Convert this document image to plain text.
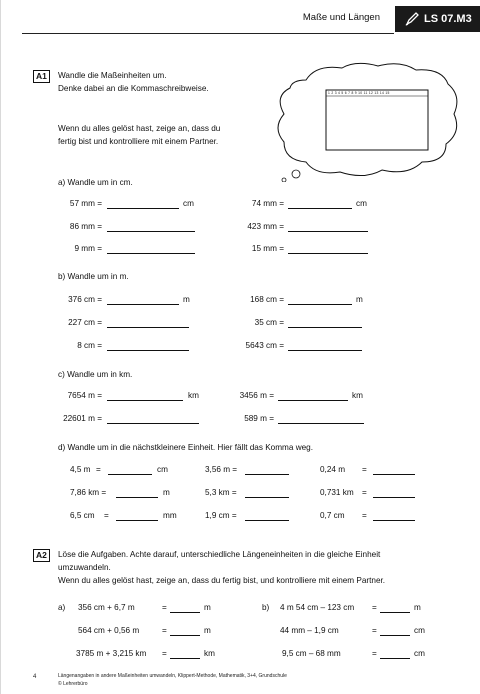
Maße und Längen	LS 07.M3
A1	Wandle die Maßeinheiten um.
Denke dabei an die Kommaschreibweise.
Wenn du alles gelöst hast, zeige an, dass du
fertig bist und kontrolliere mit einem Partner.
1 2 3 4 5 6 7 8 9 10 11 12 13 14 15
a) Wandle um in cm.
57 mm =	cm	74 mm =	cm
86 mm =	423 mm =
9 mm =	15 mm =
b) Wandle um in m.
376 cm =	m	168 cm =	m
227 cm =	35 cm =
8 cm =	5643 cm =
c) Wandle um in km.
7654 m =	km	3456 m =	km
22601 m =	589 m =
d) Wandle um in die nächstkleinere Einheit. Hier fällt das Komma weg.
4,5 m =	cm	3,56 m =	0,24 m =
7,86 km =	m	5,3 km =	0,731 km =
6,5 cm =	mm	1,9 cm =	0,7 cm =
A2	Löse die Aufgaben. Achte darauf, unterschiedliche Längeneinheiten in die gleiche Einheit
umzuwandeln.
Wenn du alles gelöst hast, zeige an, dass du fertig bist, und kontrolliere mit einem Partner.
a)	b)
356 cm + 6,7 m	=	m	4 m 54 cm – 123 cm =	m
564 cm + 0,56 m	=	m	44 mm – 1,9 cm	=	cm
3785 m + 3,215 km =	km	9,5 cm – 68 mm	=	cm
4	Längenangaben in andere Maßeinheiten umwandeln, Klippert-Methode, Mathematik, 3+4, Grundschule
© Lehrerbüro
